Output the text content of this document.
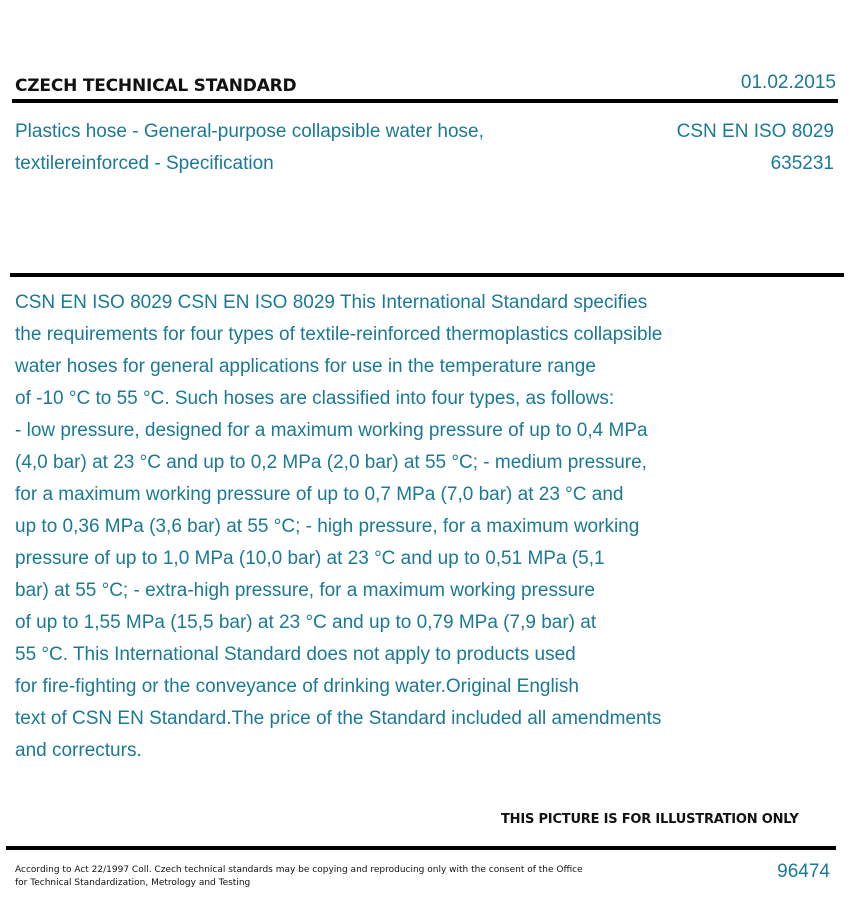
CZECH TECHNICAL STANDARD	01.02.2015
Plastics hose - General-purpose collapsible water hose, textilereinforced - Specification
CSN EN ISO 8029
635231
CSN EN ISO 8029 CSN EN ISO 8029 This International Standard specifies
the requirements for four types of textile-reinforced thermoplastics collapsible
water hoses for general applications for use in the temperature range
of -10 °C to 55 °C. Such hoses are classified into four types, as follows:
- low pressure, designed for a maximum working pressure of up to 0,4 MPa
(4,0 bar) at 23 °C and up to 0,2 MPa (2,0 bar) at 55 °C; - medium pressure,
for a maximum working pressure of up to 0,7 MPa (7,0 bar) at 23 °C and
up to 0,36 MPa (3,6 bar) at 55 °C; - high pressure, for a maximum working
pressure of up to 1,0 MPa (10,0 bar) at 23 °C and up to 0,51 MPa (5,1
bar) at 55 °C; - extra-high pressure, for a maximum working pressure
of up to 1,55 MPa (15,5 bar) at 23 °C and up to 0,79 MPa (7,9 bar) at
55 °C. This International Standard does not apply to products used
for fire-fighting or the conveyance of drinking water.Original English
text of CSN EN Standard.The price of the Standard included all amendments
and correcturs.
THIS PICTURE IS FOR ILLUSTRATION ONLY
According to Act 22/1997 Coll. Czech technical standards may be copying and reproducing only with the consent of the Office
for Technical Standardization, Metrology and Testing
96474
